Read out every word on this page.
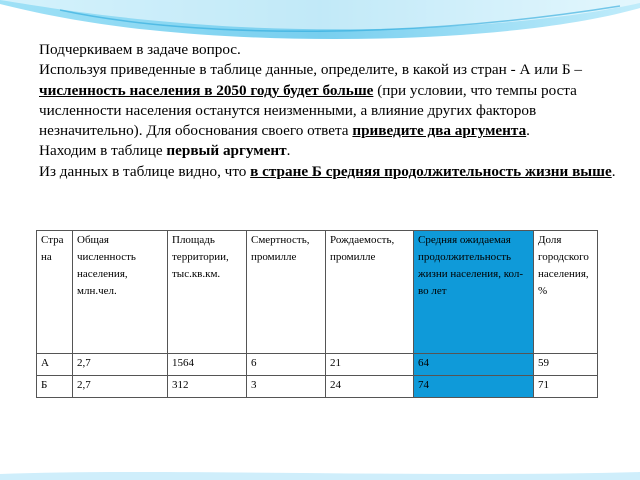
Подчеркиваем в задаче вопрос.

Используя приведенные в таблице данные, определите, в какой из стран - А или Б – численность населения в 2050 году будет больше (при условии, что темпы роста численности населения останутся неизменными, а влияние других факторов незначительно). Для обоснования своего ответа приведите два аргумента.

Находим в таблице первый аргумент.

Из данных в таблице видно, что в стране Б средняя продолжительность жизни выше.

Стра на	Общая численность населения, млн.чел.	Площадь территории, тыс.кв.км.	Смертность, промилле	Рождаемость, промилле	Средняя ожидаемая продолжительность жизни населения, кол-во лет	Доля городского населения, %
А	2,7	1564	6	21	64	59
Б	2,7	312	3	24	74	71
